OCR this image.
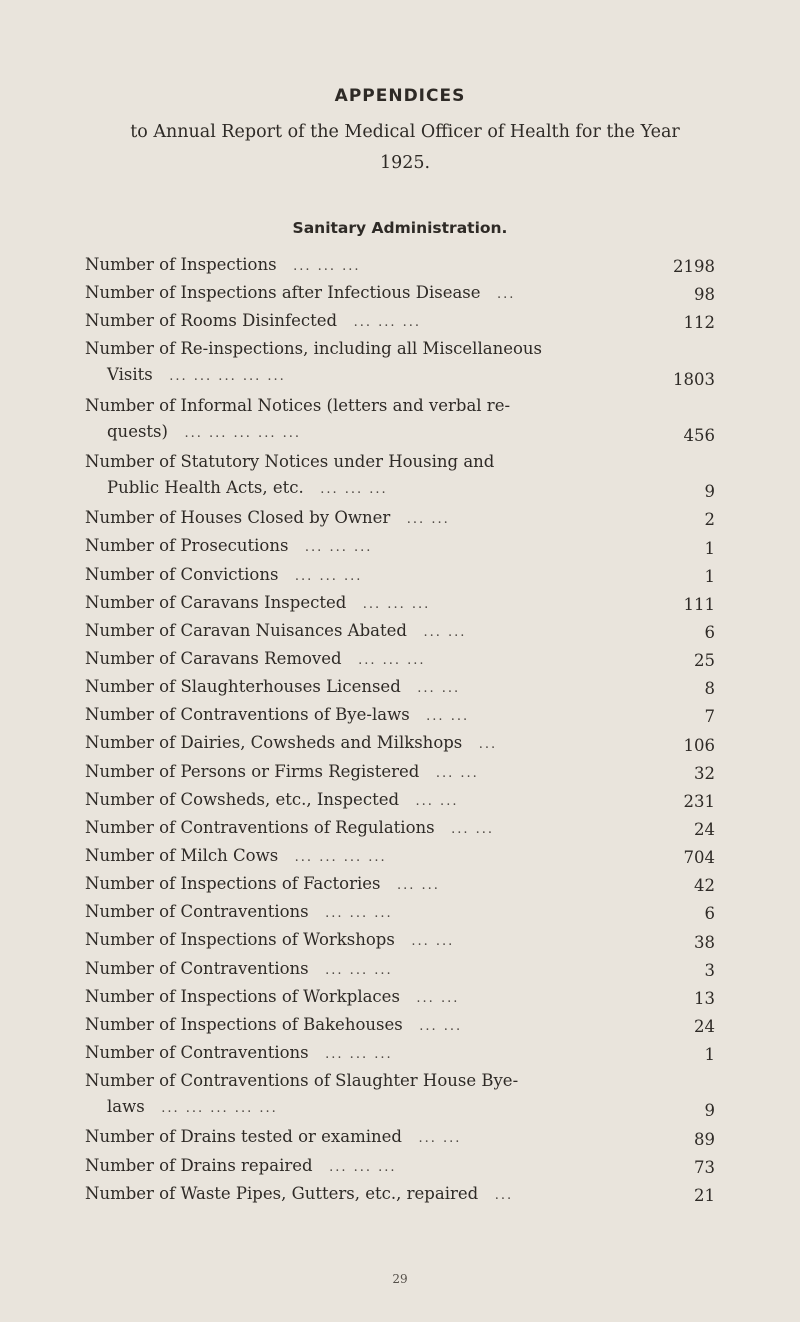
APPENDICES
to Annual Report of the Medical Officer of Health for the Year 1925.
Sanitary Administration.
Number of Inspections  ... ... ...	2198
Number of Inspections after Infectious Disease  ...	98
Number of Rooms Disinfected  ... ... ...	112
Number of Re-inspections, including all Miscellaneous
Visits  ... ... ... ... ...	1803
Number of Informal Notices (letters and verbal re-
quests)  ... ... ... ... ...	456
Number of Statutory Notices under Housing and
Public Health Acts, etc.  ... ... ...	9
Number of Houses Closed by Owner  ... ...	2
Number of Prosecutions  ... ... ...	1
Number of Convictions  ... ... ...	1
Number of Caravans Inspected  ... ... ...	111
Number of Caravan Nuisances Abated  ... ...	6
Number of Caravans Removed  ... ... ...	25
Number of Slaughterhouses Licensed  ... ...	8
Number of Contraventions of Bye-laws  ... ...	7
Number of Dairies, Cowsheds and Milkshops  ...	106
Number of Persons or Firms Registered  ... ...	32
Number of Cowsheds, etc., Inspected  ... ...	231
Number of Contraventions of Regulations  ... ...	24
Number of Milch Cows  ... ... ... ...	704
Number of Inspections of Factories  ... ...	42
Number of Contraventions  ... ... ...	6
Number of Inspections of Workshops  ... ...	38
Number of Contraventions  ... ... ...	3
Number of Inspections of Workplaces  ... ...	13
Number of Inspections of Bakehouses  ... ...	24
Number of Contraventions  ... ... ...	1
Number of Contraventions of Slaughter House Bye-
laws  ... ... ... ... ...	9
Number of Drains tested or examined  ... ...	89
Number of Drains repaired  ... ... ...	73
Number of Waste Pipes, Gutters, etc., repaired  ...	21
29
